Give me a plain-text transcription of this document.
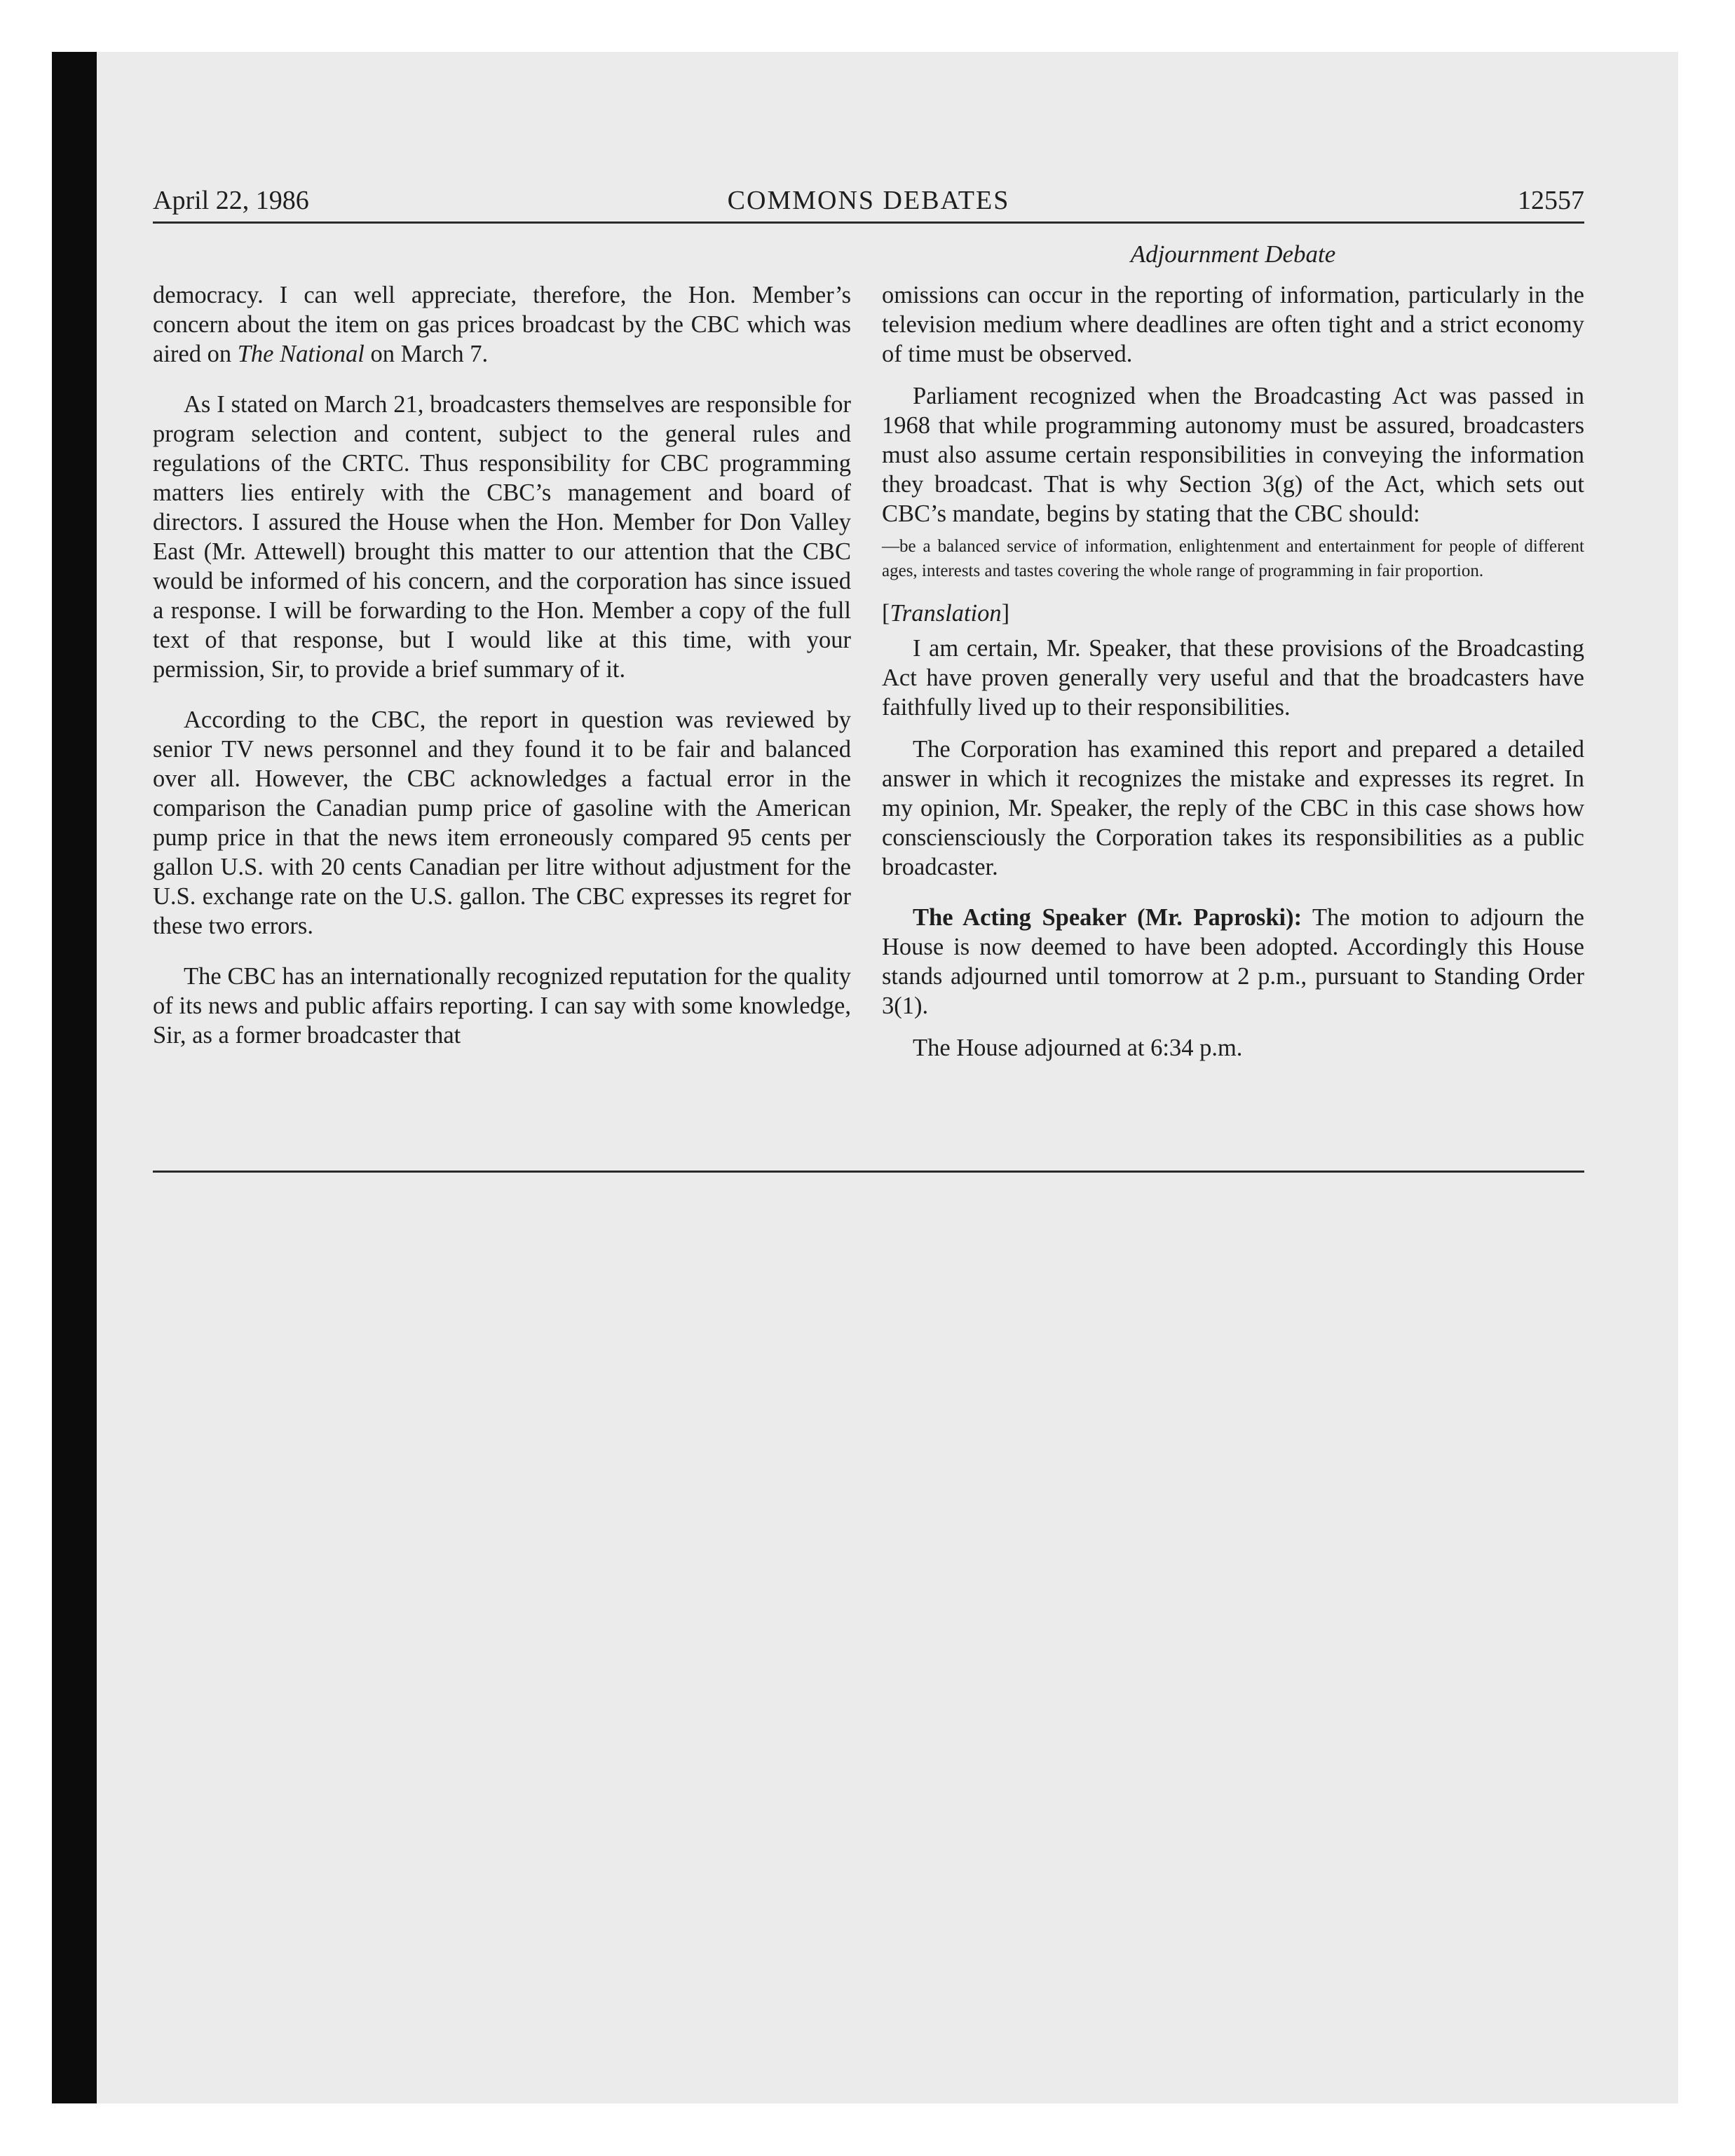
April 22, 1986	COMMONS DEBATES	12557
Adjournment Debate

democracy. I can well appreciate, therefore, the Hon. Member’s concern about the item on gas prices broadcast by the CBC which was aired on The National on March 7.

As I stated on March 21, broadcasters themselves are responsible for program selection and content, subject to the general rules and regulations of the CRTC. Thus responsibility for CBC programming matters lies entirely with the CBC’s management and board of directors. I assured the House when the Hon. Member for Don Valley East (Mr. Attewell) brought this matter to our attention that the CBC would be informed of his concern, and the corporation has since issued a response. I will be forwarding to the Hon. Member a copy of the full text of that response, but I would like at this time, with your permission, Sir, to provide a brief summary of it.

According to the CBC, the report in question was reviewed by senior TV news personnel and they found it to be fair and balanced over all. However, the CBC acknowledges a factual error in the comparison the Canadian pump price of gasoline with the American pump price in that the news item erroneously compared 95 cents per gallon U.S. with 20 cents Canadian per litre without adjustment for the U.S. exchange rate on the U.S. gallon. The CBC expresses its regret for these two errors.

The CBC has an internationally recognized reputation for the quality of its news and public affairs reporting. I can say with some knowledge, Sir, as a former broadcaster that

omissions can occur in the reporting of information, particularly in the television medium where deadlines are often tight and a strict economy of time must be observed.

Parliament recognized when the Broadcasting Act was passed in 1968 that while programming autonomy must be assured, broadcasters must also assume certain responsibilities in conveying the information they broadcast. That is why Section 3(g) of the Act, which sets out CBC’s mandate, begins by stating that the CBC should:

—be a balanced service of information, enlightenment and entertainment for people of different ages, interests and tastes covering the whole range of programming in fair proportion.

[Translation]

I am certain, Mr. Speaker, that these provisions of the Broadcasting Act have proven generally very useful and that the broadcasters have faithfully lived up to their responsibilities.

The Corporation has examined this report and prepared a detailed answer in which it recognizes the mistake and expresses its regret. In my opinion, Mr. Speaker, the reply of the CBC in this case shows how consciensciously the Corporation takes its responsibilities as a public broadcaster.

The Acting Speaker (Mr. Paproski): The motion to adjourn the House is now deemed to have been adopted. Accordingly this House stands adjourned until tomorrow at 2 p.m., pursuant to Standing Order 3(1).

The House adjourned at 6:34 p.m.
